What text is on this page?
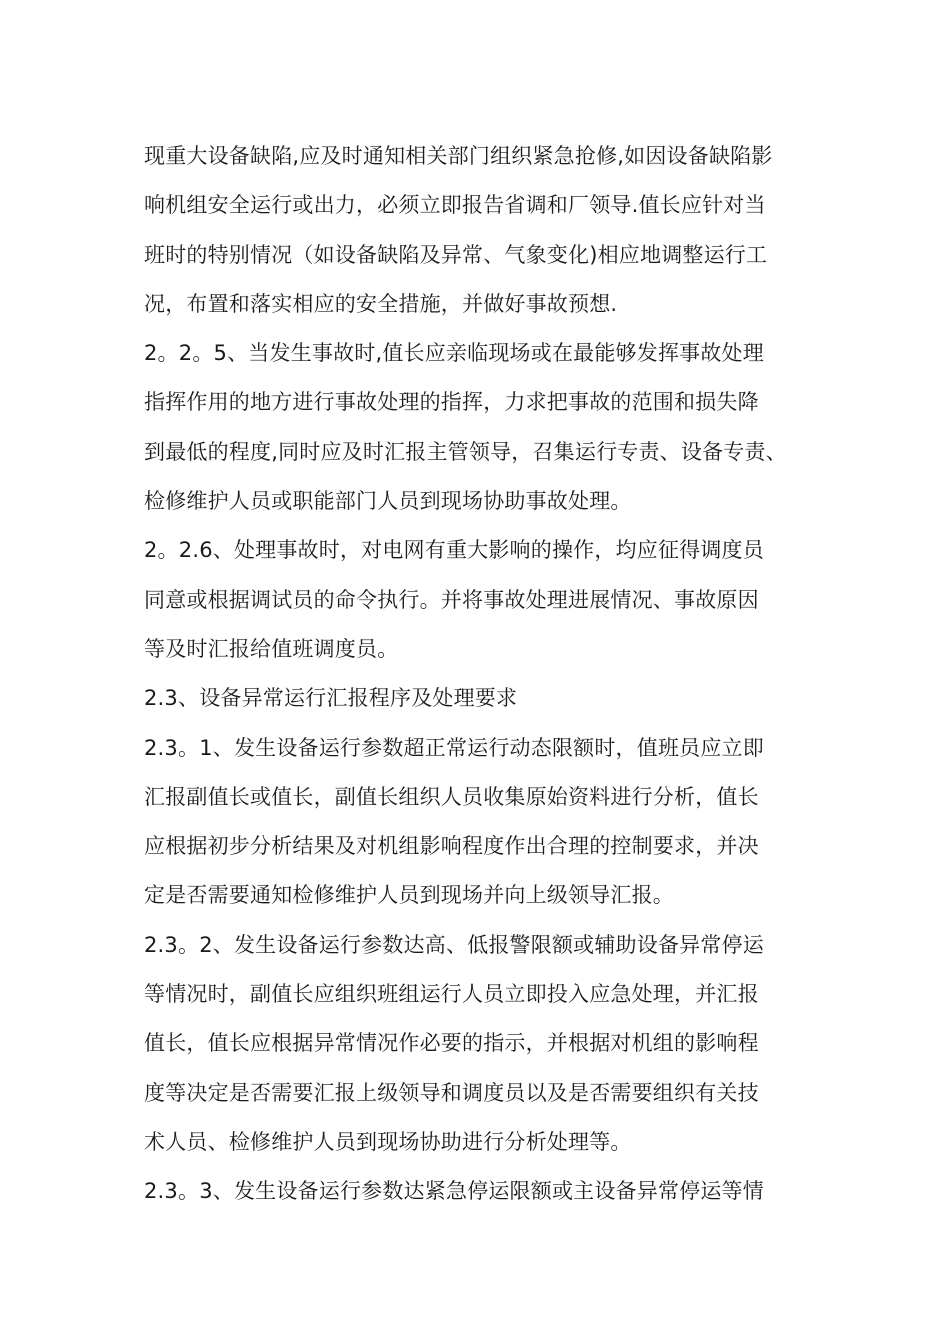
现重大设备缺陷,应及时通知相关部门组织紧急抢修,如因设备缺陷影
响机组安全运行或出力，必须立即报告省调和厂领导.值长应针对当
班时的特别情况（如设备缺陷及异常、气象变化)相应地调整运行工
况，布置和落实相应的安全措施，并做好事故预想.
2。2。5、当发生事故时,值长应亲临现场或在最能够发挥事故处理
指挥作用的地方进行事故处理的指挥，力求把事故的范围和损失降
到最低的程度,同时应及时汇报主管领导，召集运行专责、设备专责、
检修维护人员或职能部门人员到现场协助事故处理。
2。2.6、处理事故时，对电网有重大影响的操作，均应征得调度员
同意或根据调试员的命令执行。并将事故处理进展情况、事故原因
等及时汇报给值班调度员。
2.3、设备异常运行汇报程序及处理要求
2.3。1、发生设备运行参数超正常运行动态限额时，值班员应立即
汇报副值长或值长，副值长组织人员收集原始资料进行分析，值长
应根据初步分析结果及对机组影响程度作出合理的控制要求，并决
定是否需要通知检修维护人员到现场并向上级领导汇报。
2.3。2、发生设备运行参数达高、低报警限额或辅助设备异常停运
等情况时，副值长应组织班组运行人员立即投入应急处理，并汇报
值长，值长应根据异常情况作必要的指示，并根据对机组的影响程
度等决定是否需要汇报上级领导和调度员以及是否需要组织有关技
术人员、检修维护人员到现场协助进行分析处理等。
2.3。3、发生设备运行参数达紧急停运限额或主设备异常停运等情
